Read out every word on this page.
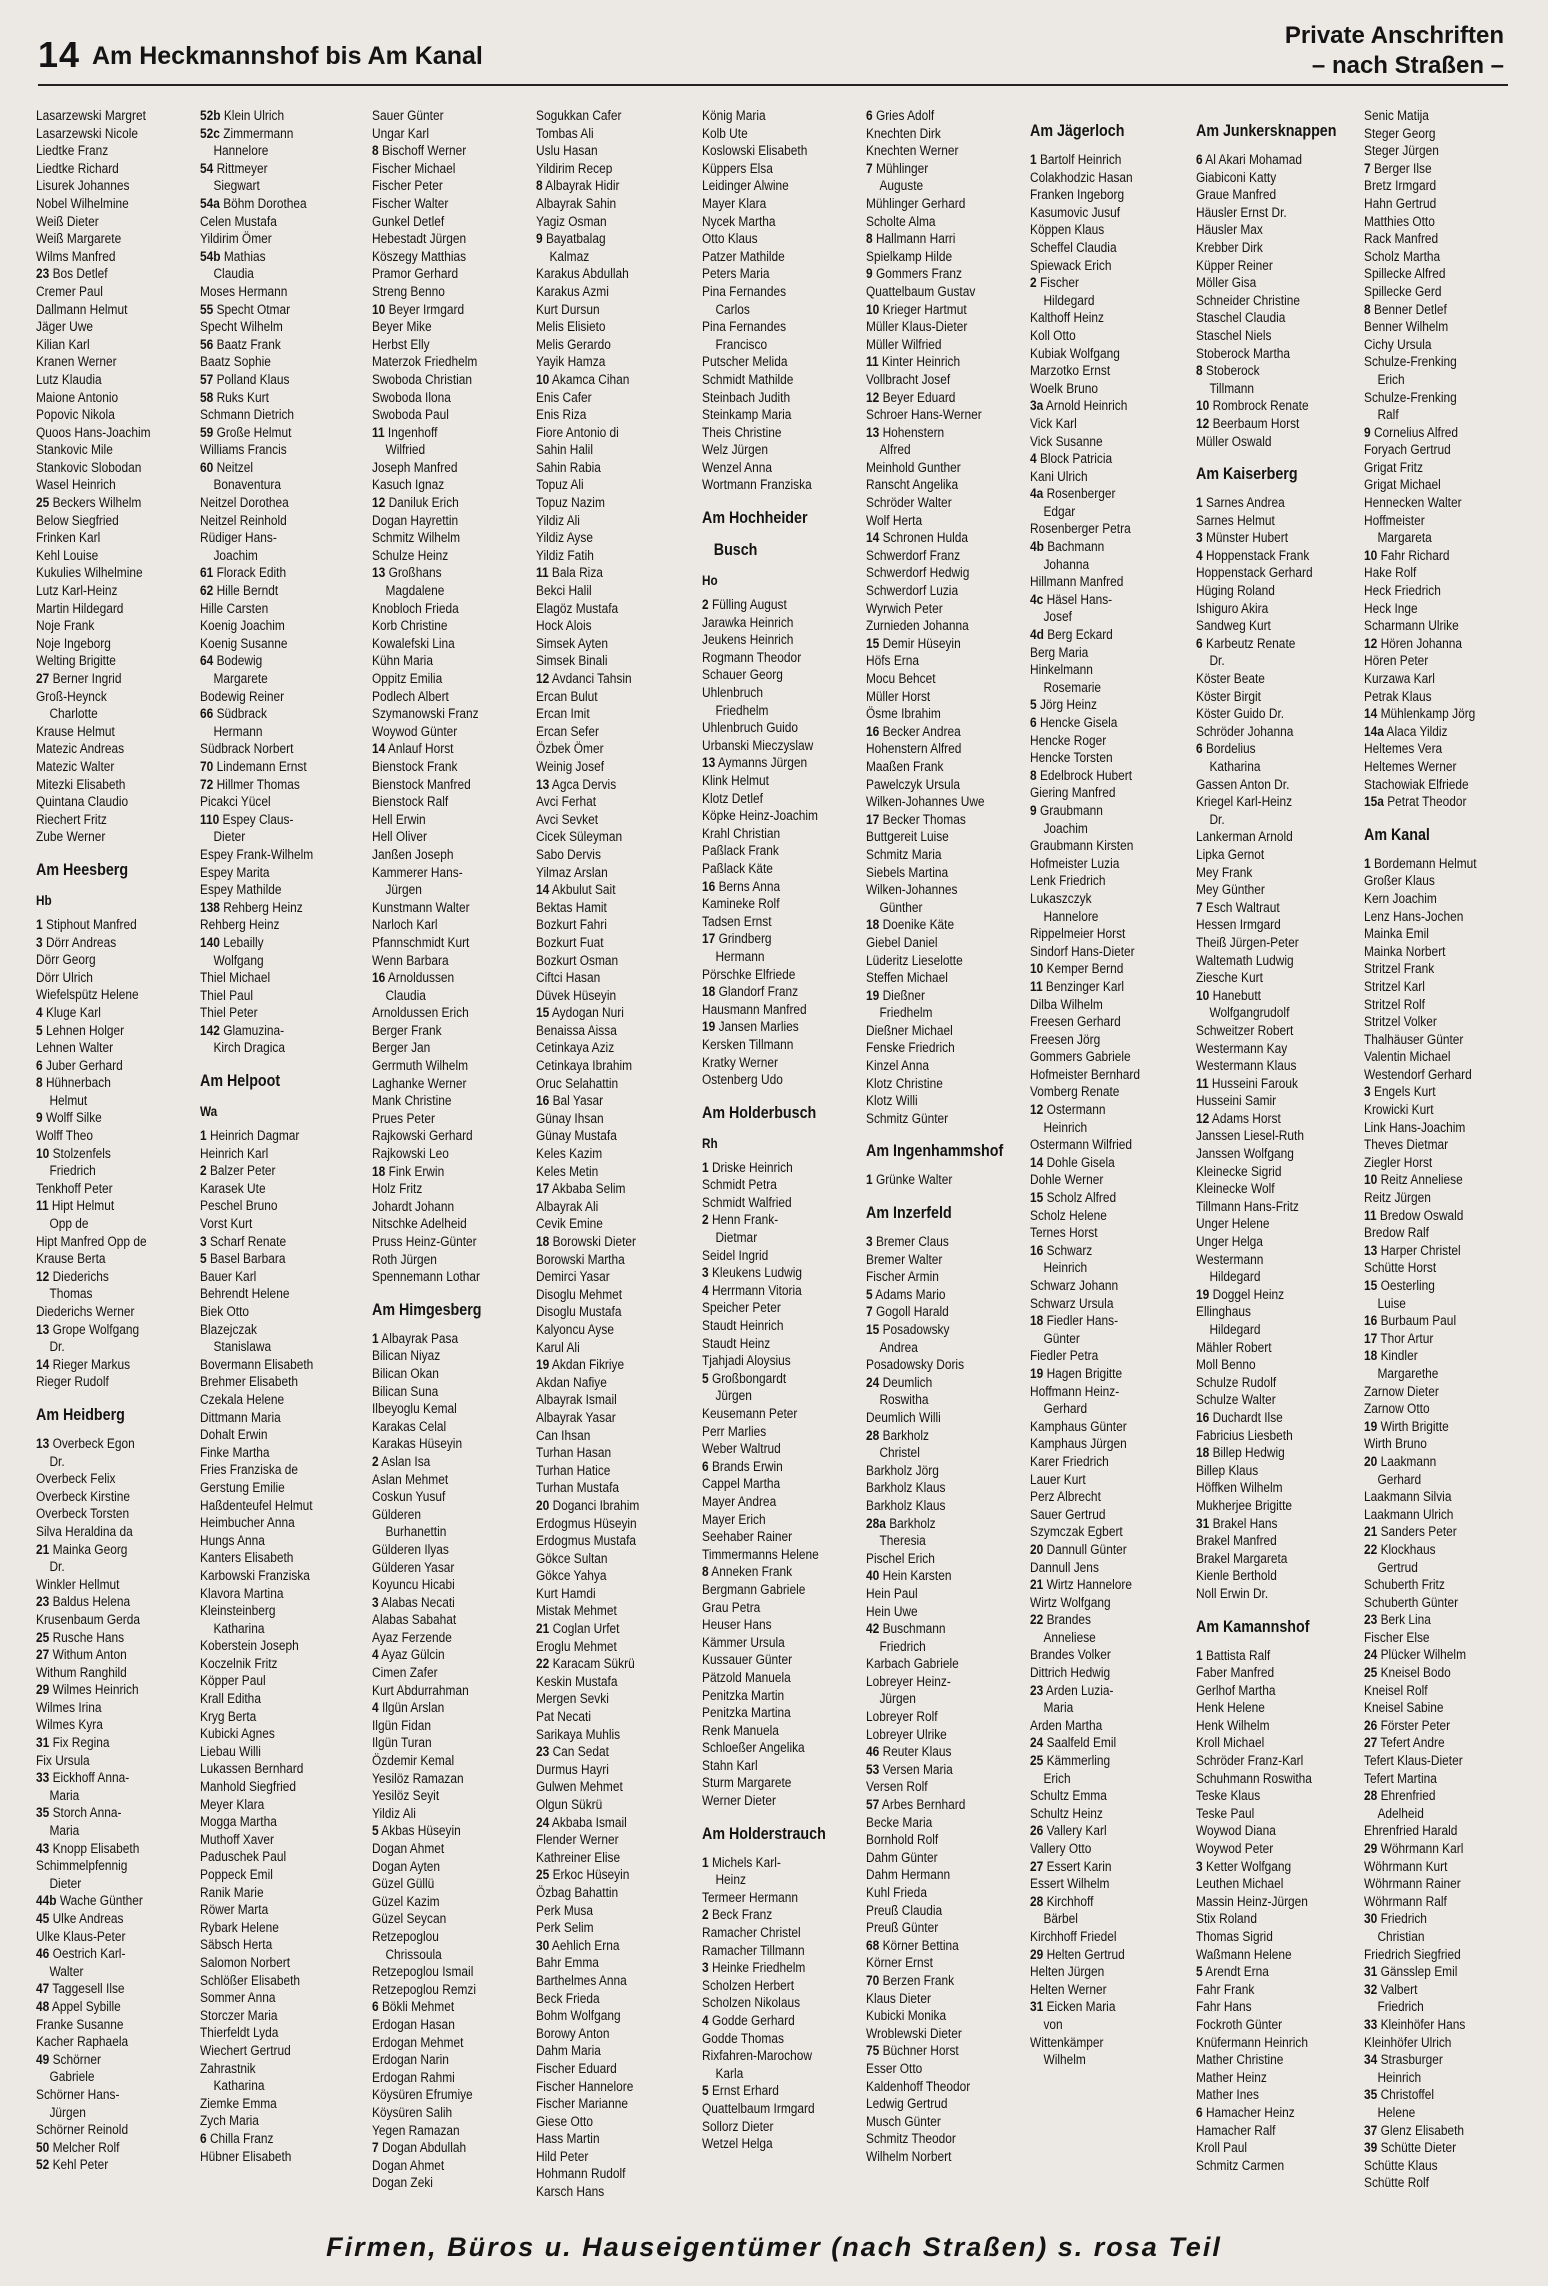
14 Am Heckmannshof bis Am Kanal
Private Anschriften
– nach Straßen –
Lasarzewski Margret
Lasarzewski Nicole
Liedtke Franz
Liedtke Richard
Lisurek Johannes
Nobel Wilhelmine
Weiß Dieter
Weiß Margarete
Wilms Manfred
23 Bos Detlef
Cremer Paul
Dallmann Helmut
Jäger Uwe
Kilian Karl
Kranen Werner
Lutz Klaudia
Maione Antonio
Popovic Nikola
Quoos Hans-Joachim
Stankovic Mile
Stankovic Slobodan
Wasel Heinrich
25 Beckers Wilhelm
Below Siegfried
Frinken Karl
Kehl Louise
Kukulies Wilhelmine
Lutz Karl-Heinz
Martin Hildegard
Noje Frank
Noje Ingeborg
Welting Brigitte
27 Berner Ingrid
Groß-Heynck
Charlotte
Krause Helmut
Matezic Andreas
Matezic Walter
Mitezki Elisabeth
Quintana Claudio
Riechert Fritz
Zube Werner
Am Heesberg
Hb
1 Stiphout Manfred
3 Dörr Andreas
Dörr Georg
Dörr Ulrich
Wiefelspütz Helene
4 Kluge Karl
5 Lehnen Holger
Lehnen Walter
6 Juber Gerhard
8 Hühnerbach
Helmut
9 Wolff Silke
Wolff Theo
10 Stolzenfels
Friedrich
Tenkhoff Peter
11 Hipt Helmut
Opp de
Hipt Manfred Opp de
Krause Berta
12 Diederichs
Thomas
Diederichs Werner
13 Grope Wolfgang
Dr.
14 Rieger Markus
Rieger Rudolf
Am Heidberg
13 Overbeck Egon
Dr.
Overbeck Felix
Overbeck Kirstine
Overbeck Torsten
Silva Heraldina da
21 Mainka Georg
Dr.
Winkler Hellmut
23 Baldus Helena
Krusenbaum Gerda
25 Rusche Hans
27 Withum Anton
Withum Ranghild
29 Wilmes Heinrich
Wilmes Irina
Wilmes Kyra
31 Fix Regina
Fix Ursula
33 Eickhoff Anna-
Maria
35 Storch Anna-
Maria
43 Knopp Elisabeth
Schimmelpfennig
Dieter
44b Wache Günther
45 Ulke Andreas
Ulke Klaus-Peter
46 Oestrich Karl-
Walter
47 Taggesell Ilse
48 Appel Sybille
Franke Susanne
Kacher Raphaela
49 Schörner
Gabriele
Schörner Hans-
Jürgen
Schörner Reinold
50 Melcher Rolf
52 Kehl Peter
52b Klein Ulrich
52c Zimmermann
Hannelore
54 Rittmeyer
Siegwart
54a Böhm Dorothea
Celen Mustafa
Yildirim Ömer
54b Mathias
Claudia
Moses Hermann
55 Specht Otmar
Specht Wilhelm
56 Baatz Frank
Baatz Sophie
57 Polland Klaus
58 Ruks Kurt
Schmann Dietrich
59 Große Helmut
Williams Francis
60 Neitzel
Bonaventura
Neitzel Dorothea
Neitzel Reinhold
Rüdiger Hans-
Joachim
61 Florack Edith
62 Hille Berndt
Hille Carsten
Koenig Joachim
Koenig Susanne
64 Bodewig
Margarete
Bodewig Reiner
66 Südbrack
Hermann
Südbrack Norbert
70 Lindemann Ernst
72 Hillmer Thomas
Picakci Yücel
110 Espey Claus-
Dieter
Espey Frank-Wilhelm
Espey Marita
Espey Mathilde
138 Rehberg Heinz
Rehberg Heinz
140 Lebailly
Wolfgang
Thiel Michael
Thiel Paul
Thiel Peter
142 Glamuzina-
Kirch Dragica
Am Helpoot
Wa
1 Heinrich Dagmar
Heinrich Karl
2 Balzer Peter
Karasek Ute
Peschel Bruno
Vorst Kurt
3 Scharf Renate
5 Basel Barbara
Bauer Karl
Behrendt Helene
Biek Otto
Blazejczak
Stanislawa
Bovermann Elisabeth
Brehmer Elisabeth
Czekala Helene
Dittmann Maria
Dohalt Erwin
Finke Martha
Fries Franziska de
Gerstung Emilie
Haßdenteufel Helmut
Heimbucher Anna
Hungs Anna
Kanters Elisabeth
Karbowski Franziska
Klavora Martina
Kleinsteinberg
Katharina
Koberstein Joseph
Koczelnik Fritz
Köpper Paul
Krall Editha
Kryg Berta
Kubicki Agnes
Liebau Willi
Lukassen Bernhard
Manhold Siegfried
Meyer Klara
Mogga Martha
Muthoff Xaver
Paduschek Paul
Poppeck Emil
Ranik Marie
Röwer Marta
Rybark Helene
Säbsch Herta
Salomon Norbert
Schlößer Elisabeth
Sommer Anna
Storczer Maria
Thierfeldt Lyda
Wiechert Gertrud
Zahrastnik
Katharina
Ziemke Emma
Zych Maria
6 Chilla Franz
Hübner Elisabeth
Sauer Günter
Ungar Karl
8 Bischoff Werner
Fischer Michael
Fischer Peter
Fischer Walter
Gunkel Detlef
Hebestadt Jürgen
Köszegy Matthias
Pramor Gerhard
Streng Benno
10 Beyer Irmgard
Beyer Mike
Herbst Elly
Materzok Friedhelm
Swoboda Christian
Swoboda Ilona
Swoboda Paul
11 Ingenhoff
Wilfried
Joseph Manfred
Kasuch Ignaz
12 Daniluk Erich
Dogan Hayrettin
Schmitz Wilhelm
Schulze Heinz
13 Großhans
Magdalene
Knobloch Frieda
Korb Christine
Kowalefski Lina
Kühn Maria
Oppitz Emilia
Podlech Albert
Szymanowski Franz
Woywod Günter
14 Anlauf Horst
Bienstock Frank
Bienstock Manfred
Bienstock Ralf
Hell Erwin
Hell Oliver
Janßen Joseph
Kammerer Hans-
Jürgen
Kunstmann Walter
Narloch Karl
Pfannschmidt Kurt
Wenn Barbara
16 Arnoldussen
Claudia
Arnoldussen Erich
Berger Frank
Berger Jan
Gerrmuth Wilhelm
Laghanke Werner
Mank Christine
Prues Peter
Rajkowski Gerhard
Rajkowski Leo
18 Fink Erwin
Holz Fritz
Johardt Johann
Nitschke Adelheid
Pruss Heinz-Günter
Roth Jürgen
Spennemann Lothar
Am Himgesberg
1 Albayrak Pasa
Bilican Niyaz
Bilican Okan
Bilican Suna
Ilbeyoglu Kemal
Karakas Celal
Karakas Hüseyin
2 Aslan Isa
Aslan Mehmet
Coskun Yusuf
Gülderen
Burhanettin
Gülderen Ilyas
Gülderen Yasar
Koyuncu Hicabi
3 Alabas Necati
Alabas Sabahat
Ayaz Ferzende
4 Ayaz Gülcin
Cimen Zafer
Kurt Abdurrahman
4 Ilgün Arslan
Ilgün Fidan
Ilgün Turan
Özdemir Kemal
Yesilöz Ramazan
Yesilöz Seyit
Yildiz Ali
5 Akbas Hüseyin
Dogan Ahmet
Dogan Ayten
Güzel Güllü
Güzel Kazim
Güzel Seycan
Retzepoglou
Chrissoula
Retzepoglou Ismail
Retzepoglou Remzi
6 Bökli Mehmet
Erdogan Hasan
Erdogan Mehmet
Erdogan Narin
Erdogan Rahmi
Köysüren Efrumiye
Köysüren Salih
Yegen Ramazan
7 Dogan Abdullah
Dogan Ahmet
Dogan Zeki
Sogukkan Cafer
Tombas Ali
Uslu Hasan
Yildirim Recep
8 Albayrak Hidir
Albayrak Sahin
Yagiz Osman
9 Bayatbalag
Kalmaz
Karakus Abdullah
Karakus Azmi
Kurt Dursun
Melis Elisieto
Melis Gerardo
Yayik Hamza
10 Akamca Cihan
Enis Cafer
Enis Riza
Fiore Antonio di
Sahin Halil
Sahin Rabia
Topuz Ali
Topuz Nazim
Yildiz Ali
Yildiz Ayse
Yildiz Fatih
11 Bala Riza
Bekci Halil
Elagöz Mustafa
Hock Alois
Simsek Ayten
Simsek Binali
12 Avdanci Tahsin
Ercan Bulut
Ercan Imit
Ercan Sefer
Özbek Ömer
Weinig Josef
13 Agca Dervis
Avci Ferhat
Avci Sevket
Cicek Süleyman
Sabo Dervis
Yilmaz Arslan
14 Akbulut Sait
Bektas Hamit
Bozkurt Fahri
Bozkurt Fuat
Bozkurt Osman
Ciftci Hasan
Düvek Hüseyin
15 Aydogan Nuri
Benaissa Aissa
Cetinkaya Aziz
Cetinkaya Ibrahim
Oruc Selahattin
16 Bal Yasar
Günay Ihsan
Günay Mustafa
Keles Kazim
Keles Metin
17 Akbaba Selim
Albayrak Ali
Cevik Emine
18 Borowski Dieter
Borowski Martha
Demirci Yasar
Disoglu Mehmet
Disoglu Mustafa
Kalyoncu Ayse
Karul Ali
19 Akdan Fikriye
Akdan Nafiye
Albayrak Ismail
Albayrak Yasar
Can Ihsan
Turhan Hasan
Turhan Hatice
Turhan Mustafa
20 Doganci Ibrahim
Erdogmus Hüseyin
Erdogmus Mustafa
Gökce Sultan
Gökce Yahya
Kurt Hamdi
Mistak Mehmet
21 Coglan Urfet
Eroglu Mehmet
22 Karacam Sükrü
Keskin Mustafa
Mergen Sevki
Pat Necati
Sarikaya Muhlis
23 Can Sedat
Durmus Hayri
Gulwen Mehmet
Olgun Sükrü
24 Akbaba Ismail
Flender Werner
Kathreiner Elise
25 Erkoc Hüseyin
Özbag Bahattin
Perk Musa
Perk Selim
30 Aehlich Erna
Bahr Emma
Barthelmes Anna
Beck Frieda
Bohm Wolfgang
Borowy Anton
Dahm Maria
Fischer Eduard
Fischer Hannelore
Fischer Marianne
Giese Otto
Hass Martin
Hild Peter
Hohmann Rudolf
Karsch Hans
König Maria
Kolb Ute
Koslowski Elisabeth
Küppers Elsa
Leidinger Alwine
Mayer Klara
Nycek Martha
Otto Klaus
Patzer Mathilde
Peters Maria
Pina Fernandes
Carlos
Pina Fernandes
Francisco
Putscher Melida
Schmidt Mathilde
Steinbach Judith
Steinkamp Maria
Theis Christine
Welz Jürgen
Wenzel Anna
Wortmann Franziska
Am Hochheider
Busch
Ho
2 Fülling August
Jarawka Heinrich
Jeukens Heinrich
Rogmann Theodor
Schauer Georg
Uhlenbruch
Friedhelm
Uhlenbruch Guido
Urbanski Mieczyslaw
13 Aymanns Jürgen
Klink Helmut
Klotz Detlef
Köpke Heinz-Joachim
Krahl Christian
Paßlack Frank
Paßlack Käte
16 Berns Anna
Kamineke Rolf
Tadsen Ernst
17 Grindberg
Hermann
Pörschke Elfriede
18 Glandorf Franz
Hausmann Manfred
19 Jansen Marlies
Kersken Tillmann
Kratky Werner
Ostenberg Udo
Am Holderbusch
Rh
1 Driske Heinrich
Schmidt Petra
Schmidt Walfried
2 Henn Frank-
Dietmar
Seidel Ingrid
3 Kleukens Ludwig
4 Herrmann Vitoria
Speicher Peter
Staudt Heinrich
Staudt Heinz
Tjahjadi Aloysius
5 Großbongardt
Jürgen
Keusemann Peter
Perr Marlies
Weber Waltrud
6 Brands Erwin
Cappel Martha
Mayer Andrea
Mayer Erich
Seehaber Rainer
Timmermanns Helene
8 Anneken Frank
Bergmann Gabriele
Grau Petra
Heuser Hans
Kämmer Ursula
Kussauer Günter
Pätzold Manuela
Penitzka Martin
Penitzka Martina
Renk Manuela
Schloeßer Angelika
Stahn Karl
Sturm Margarete
Werner Dieter
Am Holderstrauch
1 Michels Karl-
Heinz
Termeer Hermann
2 Beck Franz
Ramacher Christel
Ramacher Tillmann
3 Heinke Friedhelm
Scholzen Herbert
Scholzen Nikolaus
4 Godde Gerhard
Godde Thomas
Rixfahren-Marochow
Karla
5 Ernst Erhard
Quattelbaum Irmgard
Sollorz Dieter
Wetzel Helga
6 Gries Adolf
Knechten Dirk
Knechten Werner
7 Mühlinger
Auguste
Mühlinger Gerhard
Scholte Alma
8 Hallmann Harri
Spielkamp Hilde
9 Gommers Franz
Quattelbaum Gustav
10 Krieger Hartmut
Müller Klaus-Dieter
Müller Wilfried
11 Kinter Heinrich
Vollbracht Josef
12 Beyer Eduard
Schroer Hans-Werner
13 Hohenstern
Alfred
Meinhold Gunther
Ranscht Angelika
Schröder Walter
Wolf Herta
14 Schronen Hulda
Schwerdorf Franz
Schwerdorf Hedwig
Schwerdorf Luzia
Wyrwich Peter
Zurnieden Johanna
15 Demir Hüseyin
Höfs Erna
Mocu Behcet
Müller Horst
Ösme Ibrahim
16 Becker Andrea
Hohenstern Alfred
Maaßen Frank
Pawelczyk Ursula
Wilken-Johannes Uwe
17 Becker Thomas
Buttgereit Luise
Schmitz Maria
Siebels Martina
Wilken-Johannes
Günther
18 Doenike Käte
Giebel Daniel
Lüderitz Lieselotte
Steffen Michael
19 Dießner
Friedhelm
Dießner Michael
Fenske Friedrich
Kinzel Anna
Klotz Christine
Klotz Willi
Schmitz Günter
Am Ingenhammshof
1 Grünke Walter
Am Inzerfeld
3 Bremer Claus
Bremer Walter
Fischer Armin
5 Adams Mario
7 Gogoll Harald
15 Posadowsky
Andrea
Posadowsky Doris
24 Deumlich
Roswitha
Deumlich Willi
28 Barkholz
Christel
Barkholz Jörg
Barkholz Klaus
Barkholz Klaus
28a Barkholz
Theresia
Pischel Erich
40 Hein Karsten
Hein Paul
Hein Uwe
42 Buschmann
Friedrich
Karbach Gabriele
Lobreyer Heinz-
Jürgen
Lobreyer Rolf
Lobreyer Ulrike
46 Reuter Klaus
53 Versen Maria
Versen Rolf
57 Arbes Bernhard
Becke Maria
Bornhold Rolf
Dahm Günter
Dahm Hermann
Kuhl Frieda
Preuß Claudia
Preuß Günter
68 Körner Bettina
Körner Ernst
70 Berzen Frank
Klaus Dieter
Kubicki Monika
Wroblewski Dieter
75 Büchner Horst
Esser Otto
Kaldenhoff Theodor
Ledwig Gertrud
Musch Günter
Schmitz Theodor
Wilhelm Norbert
Am Jägerloch
1 Bartolf Heinrich
Colakhodzic Hasan
Franken Ingeborg
Kasumovic Jusuf
Köppen Klaus
Scheffel Claudia
Spiewack Erich
2 Fischer
Hildegard
Kalthoff Heinz
Koll Otto
Kubiak Wolfgang
Marzotko Ernst
Woelk Bruno
3a Arnold Heinrich
Vick Karl
Vick Susanne
4 Block Patricia
Kani Ulrich
4a Rosenberger
Edgar
Rosenberger Petra
4b Bachmann
Johanna
Hillmann Manfred
4c Häsel Hans-
Josef
4d Berg Eckard
Berg Maria
Hinkelmann
Rosemarie
5 Jörg Heinz
6 Hencke Gisela
Hencke Roger
Hencke Torsten
8 Edelbrock Hubert
Giering Manfred
9 Graubmann
Joachim
Graubmann Kirsten
Hofmeister Luzia
Lenk Friedrich
Lukaszczyk
Hannelore
Rippelmeier Horst
Sindorf Hans-Dieter
10 Kemper Bernd
11 Benzinger Karl
Dilba Wilhelm
Freesen Gerhard
Freesen Jörg
Gommers Gabriele
Hofmeister Bernhard
Vomberg Renate
12 Ostermann
Heinrich
Ostermann Wilfried
14 Dohle Gisela
Dohle Werner
15 Scholz Alfred
Scholz Helene
Ternes Horst
16 Schwarz
Heinrich
Schwarz Johann
Schwarz Ursula
18 Fiedler Hans-
Günter
Fiedler Petra
19 Hagen Brigitte
Hoffmann Heinz-
Gerhard
Kamphaus Günter
Kamphaus Jürgen
Karer Friedrich
Lauer Kurt
Perz Albrecht
Sauer Gertrud
Szymczak Egbert
20 Dannull Günter
Dannull Jens
21 Wirtz Hannelore
Wirtz Wolfgang
22 Brandes
Anneliese
Brandes Volker
Dittrich Hedwig
23 Arden Luzia-
Maria
Arden Martha
24 Saalfeld Emil
25 Kämmerling
Erich
Schultz Emma
Schultz Heinz
26 Vallery Karl
Vallery Otto
27 Essert Karin
Essert Wilhelm
28 Kirchhoff
Bärbel
Kirchhoff Friedel
29 Helten Gertrud
Helten Jürgen
Helten Werner
31 Eicken Maria
von
Wittenkämper
Wilhelm
Am Junkersknappen
6 Al Akari Mohamad
Giabiconi Katty
Graue Manfred
Häusler Ernst Dr.
Häusler Max
Krebber Dirk
Küpper Reiner
Möller Gisa
Schneider Christine
Staschel Claudia
Staschel Niels
Stoberock Martha
8 Stoberock
Tillmann
10 Rombrock Renate
12 Beerbaum Horst
Müller Oswald
Am Kaiserberg
1 Sarnes Andrea
Sarnes Helmut
3 Münster Hubert
4 Hoppenstack Frank
Hoppenstack Gerhard
Hüging Roland
Ishiguro Akira
Sandweg Kurt
6 Karbeutz Renate
Dr.
Köster Beate
Köster Birgit
Köster Guido Dr.
Schröder Johanna
6 Bordelius
Katharina
Gassen Anton Dr.
Kriegel Karl-Heinz
Dr.
Lankerman Arnold
Lipka Gernot
Mey Frank
Mey Günther
7 Esch Waltraut
Hessen Irmgard
Theiß Jürgen-Peter
Waltemath Ludwig
Ziesche Kurt
10 Hanebutt
Wolfgangrudolf
Schweitzer Robert
Westermann Kay
Westermann Klaus
11 Husseini Farouk
Husseini Samir
12 Adams Horst
Janssen Liesel-Ruth
Janssen Wolfgang
Kleinecke Sigrid
Kleinecke Wolf
Tillmann Hans-Fritz
Unger Helene
Unger Helga
Westermann
Hildegard
19 Doggel Heinz
Ellinghaus
Hildegard
Mähler Robert
Moll Benno
Schulze Rudolf
Schulze Walter
16 Duchardt Ilse
Fabricius Liesbeth
18 Billep Hedwig
Billep Klaus
Höffken Wilhelm
Mukherjee Brigitte
31 Brakel Hans
Brakel Manfred
Brakel Margareta
Kienle Berthold
Noll Erwin Dr.
Am Kamannshof
1 Battista Ralf
Faber Manfred
Gerlhof Martha
Henk Helene
Henk Wilhelm
Kroll Michael
Schröder Franz-Karl
Schuhmann Roswitha
Teske Klaus
Teske Paul
Woywod Diana
Woywod Peter
3 Ketter Wolfgang
Leuthen Michael
Massin Heinz-Jürgen
Stix Roland
Thomas Sigrid
Waßmann Helene
5 Arendt Erna
Fahr Frank
Fahr Hans
Fockroth Günter
Knüfermann Heinrich
Mather Christine
Mather Heinz
Mather Ines
6 Hamacher Heinz
Hamacher Ralf
Kroll Paul
Schmitz Carmen
Senic Matija
Steger Georg
Steger Jürgen
7 Berger Ilse
Bretz Irmgard
Hahn Gertrud
Matthies Otto
Rack Manfred
Scholz Martha
Spillecke Alfred
Spillecke Gerd
8 Benner Detlef
Benner Wilhelm
Cichy Ursula
Schulze-Frenking
Erich
Schulze-Frenking
Ralf
9 Cornelius Alfred
Foryach Gertrud
Grigat Fritz
Grigat Michael
Hennecken Walter
Hoffmeister
Margareta
10 Fahr Richard
Hake Rolf
Heck Friedrich
Heck Inge
Scharmann Ulrike
12 Hören Johanna
Hören Peter
Kurzawa Karl
Petrak Klaus
14 Mühlenkamp Jörg
14a Alaca Yildiz
Heltemes Vera
Heltemes Werner
Stachowiak Elfriede
15a Petrat Theodor
Am Kanal
1 Bordemann Helmut
Großer Klaus
Kern Joachim
Lenz Hans-Jochen
Mainka Emil
Mainka Norbert
Stritzel Frank
Stritzel Karl
Stritzel Rolf
Stritzel Volker
Thalhäuser Günter
Valentin Michael
Westendorf Gerhard
3 Engels Kurt
Krowicki Kurt
Link Hans-Joachim
Theves Dietmar
Ziegler Horst
10 Reitz Anneliese
Reitz Jürgen
11 Bredow Oswald
Bredow Ralf
13 Harper Christel
Schütte Horst
15 Oesterling
Luise
16 Burbaum Paul
17 Thor Artur
18 Kindler
Margarethe
Zarnow Dieter
Zarnow Otto
19 Wirth Brigitte
Wirth Bruno
20 Laakmann
Gerhard
Laakmann Silvia
Laakmann Ulrich
21 Sanders Peter
22 Klockhaus
Gertrud
Schuberth Fritz
Schuberth Günter
23 Berk Lina
Fischer Else
24 Plücker Wilhelm
25 Kneisel Bodo
Kneisel Rolf
Kneisel Sabine
26 Förster Peter
27 Tefert Andre
Tefert Klaus-Dieter
Tefert Martina
28 Ehrenfried
Adelheid
Ehrenfried Harald
29 Wöhrmann Karl
Wöhrmann Kurt
Wöhrmann Rainer
Wöhrmann Ralf
30 Friedrich
Christian
Friedrich Siegfried
31 Gänsslер Emil
32 Valbert
Friedrich
33 Kleinhöfer Hans
Kleinhöfer Ulrich
34 Strasburger
Heinrich
35 Christoffel
Helene
37 Glenz Elisabeth
39 Schütte Dieter
Schütte Klaus
Schütte Rolf
Firmen, Büros u. Hauseigentümer (nach Straßen) s. rosa Teil
